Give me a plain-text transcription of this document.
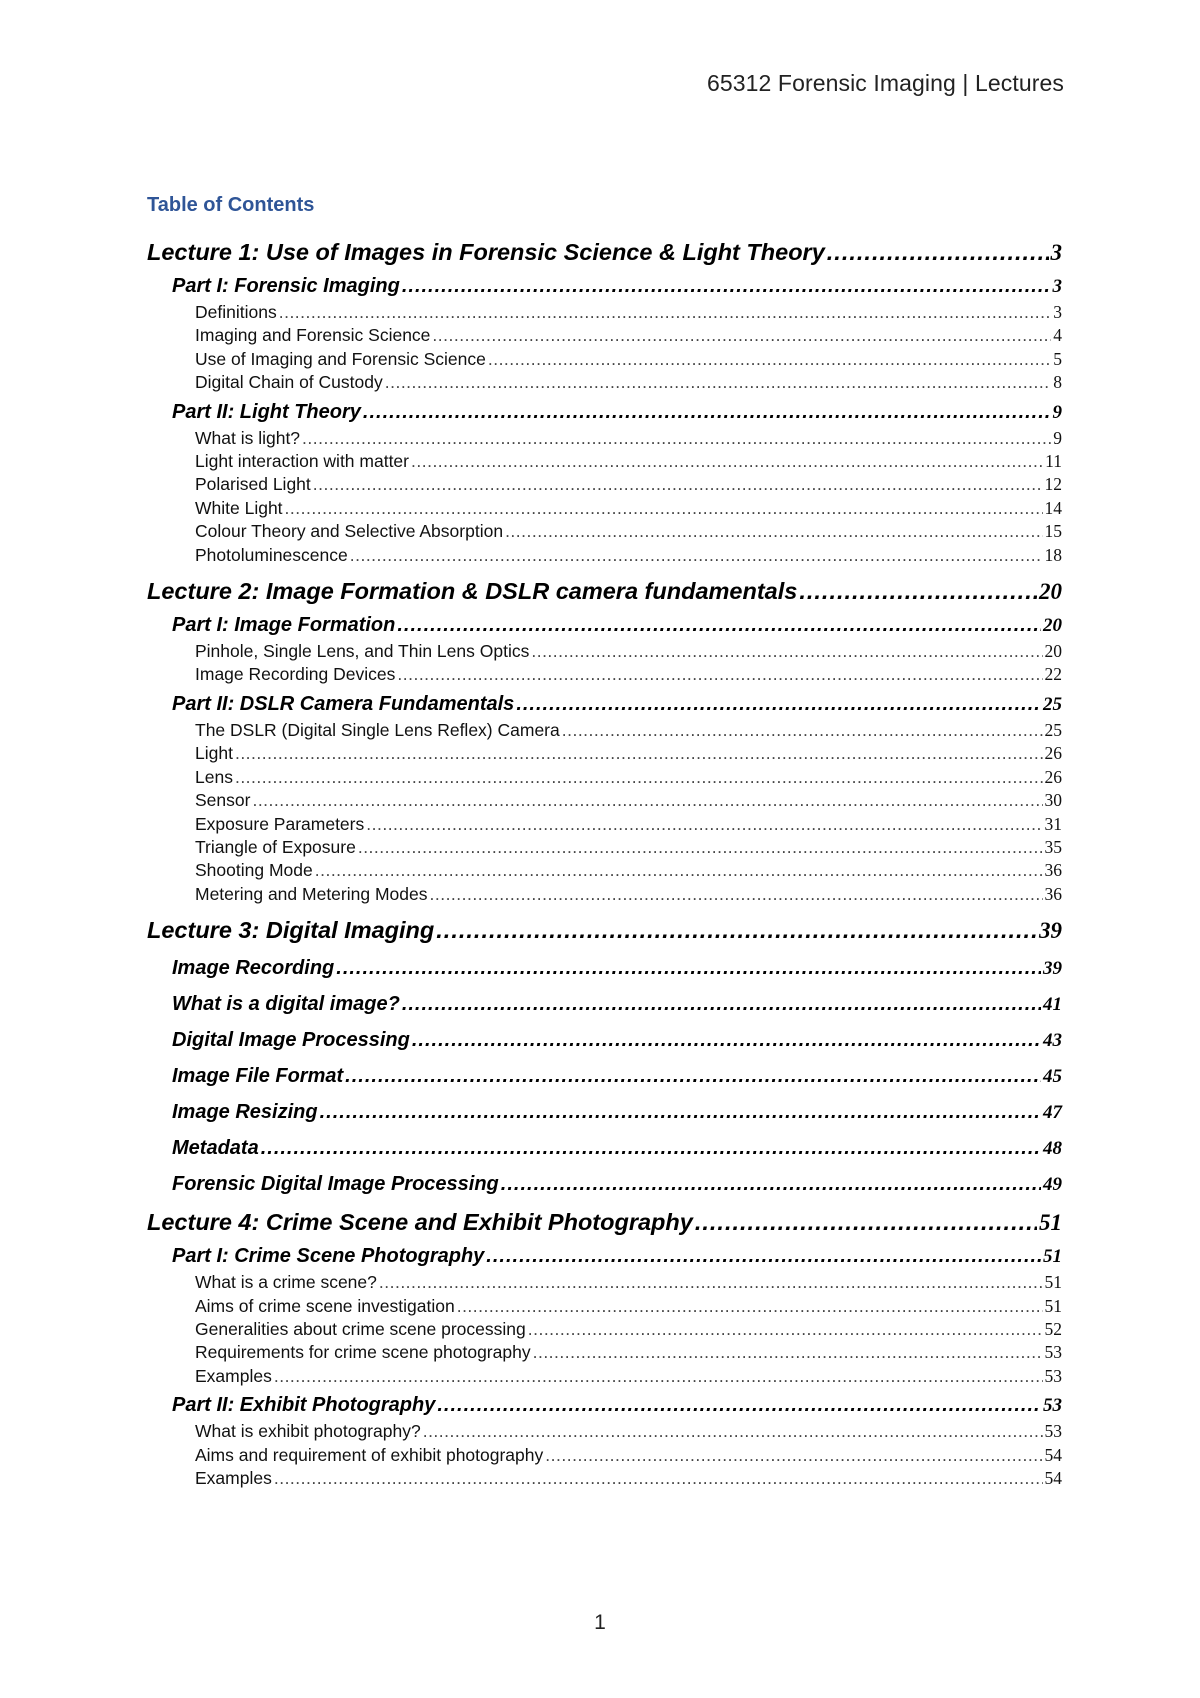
65312 Forensic Imaging | Lectures
Table of Contents
Lecture 1: Use of Images in Forensic Science & Light Theory .....	3
Part I: Forensic Imaging .....	3
Definitions .....	3
Imaging and Forensic Science .....	4
Use of Imaging and Forensic Science .....	5
Digital Chain of Custody .....	8
Part II: Light Theory .....	9
What is light? .....	9
Light interaction with matter .....	11
Polarised Light .....	12
White Light .....	14
Colour Theory and Selective Absorption .....	15
Photoluminescence .....	18
Lecture 2: Image Formation & DSLR camera fundamentals .....	20
Part I: Image Formation .....	20
Pinhole, Single Lens, and Thin Lens Optics .....	20
Image Recording Devices .....	22
Part II: DSLR Camera Fundamentals .....	25
The DSLR (Digital Single Lens Reflex) Camera .....	25
Light .....	26
Lens .....	26
Sensor .....	30
Exposure Parameters .....	31
Triangle of Exposure .....	35
Shooting Mode .....	36
Metering and Metering Modes .....	36
Lecture 3: Digital Imaging .....	39
Image Recording .....	39
What is a digital image? .....	41
Digital Image Processing .....	43
Image File Format .....	45
Image Resizing .....	47
Metadata .....	48
Forensic Digital Image Processing .....	49
Lecture 4: Crime Scene and Exhibit Photography .....	51
Part I: Crime Scene Photography .....	51
What is a crime scene? .....	51
Aims of crime scene investigation .....	51
Generalities about crime scene processing .....	52
Requirements for crime scene photography .....	53
Examples .....	53
Part II: Exhibit Photography .....	53
What is exhibit photography? .....	53
Aims and requirement of exhibit photography .....	54
Examples .....	54
1
